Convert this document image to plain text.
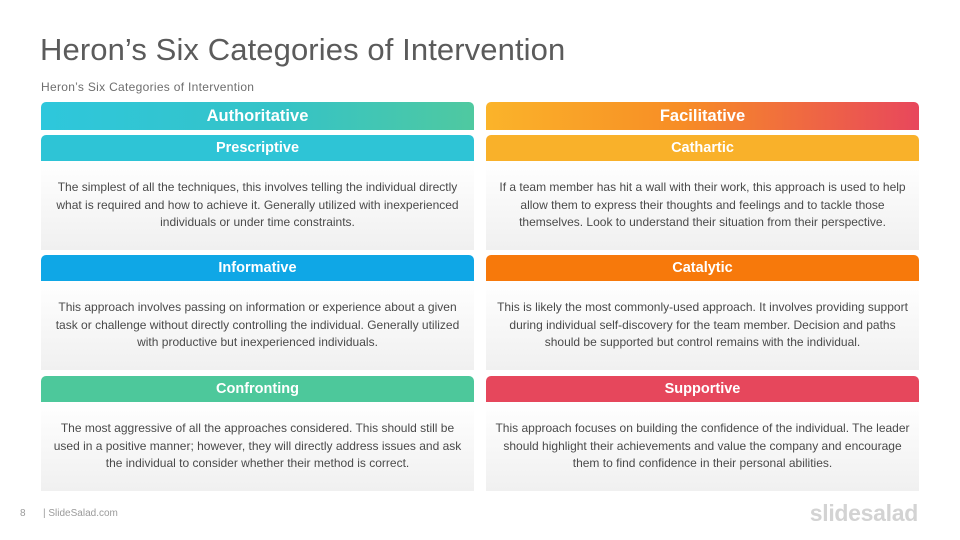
Heron’s Six Categories of Intervention
Heron’s Six Categories of Intervention
Authoritative
Prescriptive
The simplest of all the techniques, this involves telling the individual directly what is required and how to achieve it. Generally utilized with inexperienced individuals or under time constraints.
Informative
This approach involves passing on information or experience about a given task or challenge without directly controlling the individual. Generally utilized with productive but inexperienced individuals.
Confronting
The most aggressive of all the approaches considered. This should still be used in a positive manner; however, they will directly address issues and ask the individual to consider whether their method is correct.
Facilitative
Cathartic
If a team member has hit a wall with their work, this approach is used to help allow them to express their thoughts and feelings and to tackle those themselves. Look to understand their situation from their perspective.
Catalytic
This is likely the most commonly-used approach. It involves providing support during individual self-discovery for the team member. Decision and paths should be supported but control remains with the individual.
Supportive
This approach focuses on building the confidence of the individual. The leader should highlight their achievements and value the company and encourage them to find confidence in their personal abilities.
8 | SlideSalad.com	slidesalad
